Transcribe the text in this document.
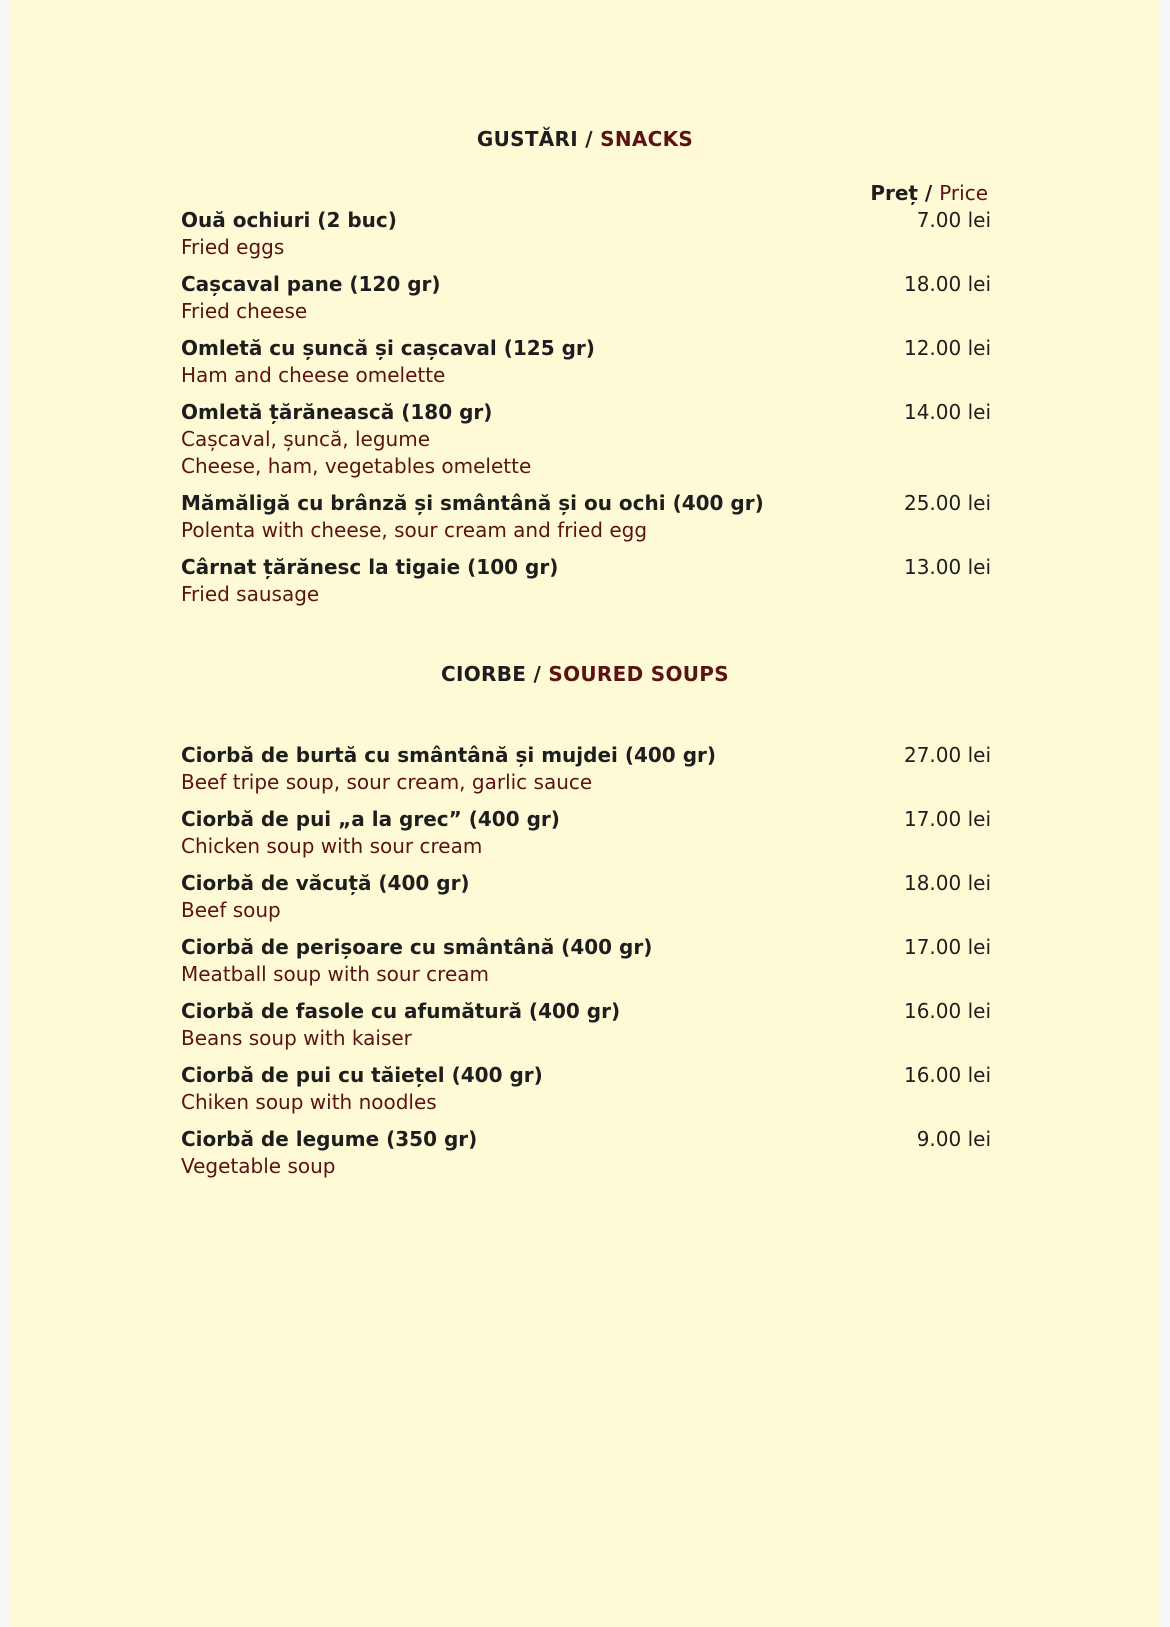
GUSTĂRI / SNACKS
Preț / Price
Ouă ochiuri (2 buc)
Fried eggs
7.00 lei
Cașcaval pane (120 gr)
Fried cheese
18.00 lei
Omletă cu șuncă și cașcaval (125 gr)
Ham and cheese omelette
12.00 lei
Omletă țărănească (180 gr)
Cașcaval, șuncă, legume
Cheese, ham, vegetables omelette
14.00 lei
Mămăligă cu brânză și smântână și ou ochi (400 gr)
Polenta with cheese, sour cream and fried egg
25.00 lei
Cârnat țărănesc la tigaie (100 gr)
Fried sausage
13.00 lei
CIORBE / SOURED SOUPS
Ciorbă de burtă cu smântână și mujdei (400 gr)
Beef tripe soup, sour cream, garlic sauce
27.00 lei
Ciorbă de pui „a la grec” (400 gr)
Chicken soup with sour cream
17.00 lei
Ciorbă de văcuță (400 gr)
Beef soup
18.00 lei
Ciorbă de perișoare cu smântână (400 gr)
Meatball soup with sour cream
17.00 lei
Ciorbă de fasole cu afumătură (400 gr)
Beans soup with kaiser
16.00 lei
Ciorbă de pui cu tăiețel (400 gr)
Chiken soup with noodles
16.00 lei
Ciorbă de legume (350 gr)
Vegetable soup
9.00 lei
